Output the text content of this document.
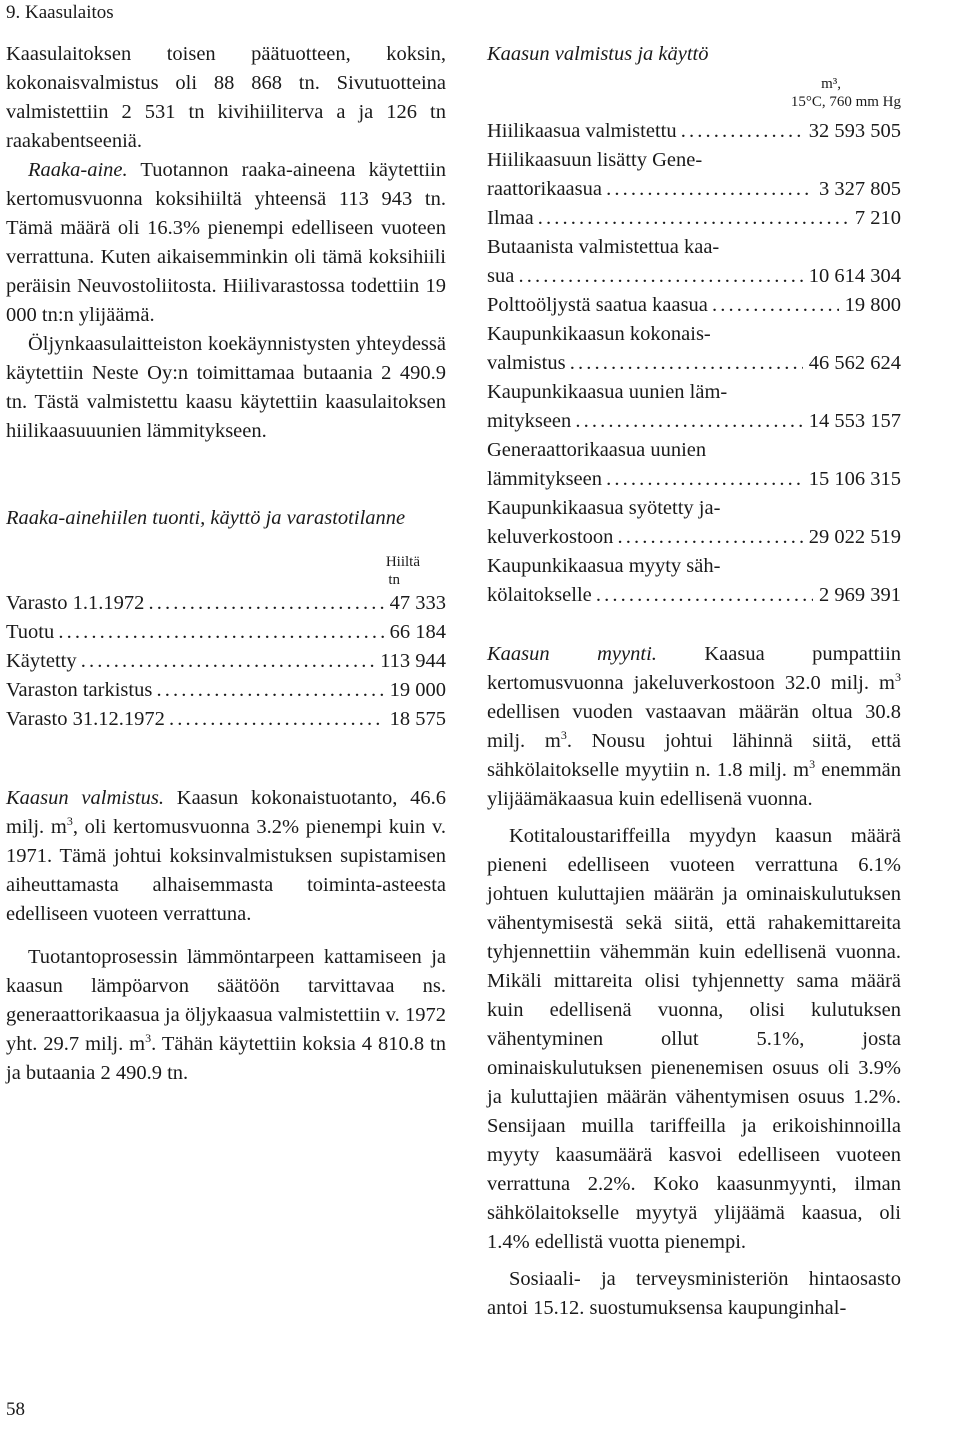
9. Kaasulaitos

Kaasulaitoksen toisen päätuotteen, koksin, kokonaisvalmistus oli 88 868 tn. Sivutuotteina valmistettiin 2 531 tn kivihiiliterva a ja 126 tn raakabentseeniä.

Raaka-aine. Tuotannon raaka-aineena käytettiin kertomusvuonna koksihiiltä yhteensä 113 943 tn. Tämä määrä oli 16.3% pienempi edelliseen vuoteen verrattuna. Kuten aikaisemminkin oli tämä koksihiili peräisin Neuvostoliitosta. Hiilivarastossa todettiin 19 000 tn:n ylijäämä.

Öljynkaasulaitteiston koekäynnistysten yhteydessä käytettiin Neste Oy:n toimittamaa butaania 2 490.9 tn. Tästä valmistettu kaasu käytettiin kaasulaitoksen hiilikaasuuunien lämmitykseen.

Raaka-ainehiilen tuonti, käyttö ja varastotilanne

Hiiltä
tn
Varasto 1.1.1972 . . .	47 333
Tuotu . . .	66 184
Käytetty . . .	113 944
Varaston tarkistus . . .	19 000
Varasto 31.12.1972 . . .	18 575

Kaasun valmistus. Kaasun kokonaistuotanto, 46.6 milj. $m^3$, oli kertomusvuonna 3.2% pienempi kuin v. 1971. Tämä johtui koksinvalmistuksen supistamisen aiheuttamasta alhaisemmasta toiminta-asteesta edelliseen vuoteen verrattuna.

Tuotantoprosessin lämmöntarpeen kattamiseen ja kaasun lämpöarvon säätöön tarvittavaa ns. generaattorikaasua ja öljykaasua valmistettiin v. 1972 yht. 29.7 milj. $m^3$. Tähän käytettiin koksia 4 810.8 tn ja butaania 2 490.9 tn.

Kaasun valmistus ja käyttö

m³,
15°C, 760 mm Hg
Hiilikaasua valmistettu . . .	32 593 505
Hiilikaasuun lisätty Gene-
raattorikaasua . . .	3 327 805
Ilmaa . . .	7 210
Butaanista valmistettua kaa-
sua . . .	10 614 304
Polttoöljystä saatua kaasua . . .	19 800
Kaupunkikaasun kokonais-
valmistus . . .	46 562 624
Kaupunkikaasua uunien läm-
mitykseen . . .	14 553 157
Generaattorikaasua uunien
lämmitykseen . . .	15 106 315
Kaupunkikaasua syötetty ja-
keluverkostoon . . .	29 022 519
Kaupunkikaasua myyty säh-
kölaitokselle . . .	2 969 391

Kaasun myynti. Kaasua pumpattiin kertomusvuonna jakeluverkostoon 32.0 milj. $m^3$ edellisen vuoden vastaavan määrän oltua 30.8 milj. $m^3$. Nousu johtui lähinnä siitä, että sähkölaitokselle myytiin n. 1.8 milj. $m^3$ enemmän ylijäämäkaasua kuin edellisenä vuonna.

Kotitaloustariffeilla myydyn kaasun määrä pieneni edelliseen vuoteen verrattuna 6.1% johtuen kuluttajien määrän ja ominaiskulutuksen vähentymisestä sekä siitä, että rahakemittareita tyhjennettiin vähemmän kuin edellisenä vuonna. Mikäli mittareita olisi tyhjennetty sama määrä kuin edellisenä vuonna, olisi kulutuksen vähentyminen ollut 5.1%, josta ominaiskulutuksen pienenemisen osuus oli 3.9% ja kuluttajien määrän vähentymisen osuus 1.2%. Sensijaan muilla tariffeilla ja erikoishinnoilla myyty kaasumäärä kasvoi edelliseen vuoteen verrattuna 2.2%. Koko kaasunmyynti, ilman sähkölaitokselle myytyä ylijäämä kaasua, oli 1.4% edellistä vuotta pienempi.

Sosiaali- ja terveysministeriön hintaosasto antoi 15.12. suostumuksensa kaupunginhal-

58
